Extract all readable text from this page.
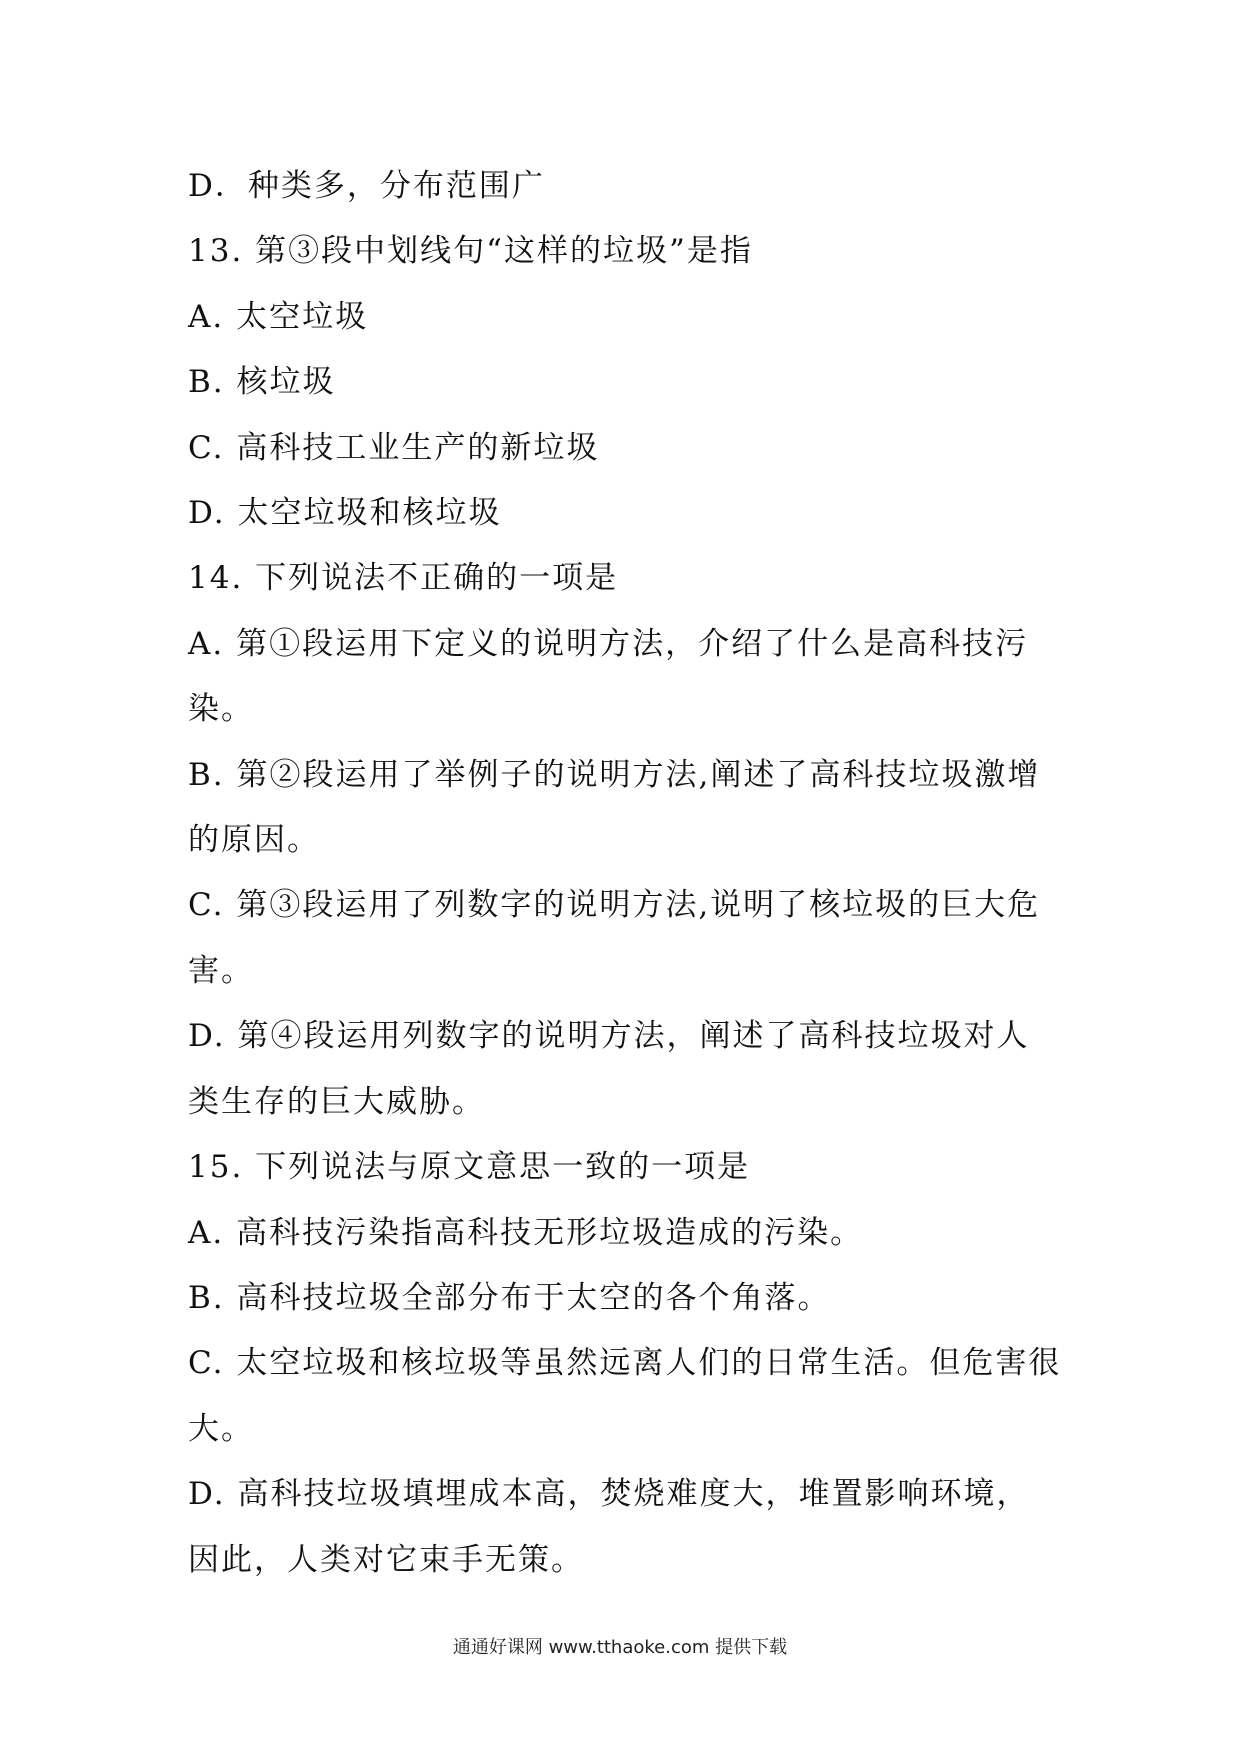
D．种类多，分布范围广
13. 第③段中划线句“这样的垃圾”是指
A. 太空垃圾
B. 核垃圾
C. 高科技工业生产的新垃圾
D. 太空垃圾和核垃圾
14. 下列说法不正确的一项是
A. 第①段运用下定义的说明方法，介绍了什么是高科技污
染。
B. 第②段运用了举例子的说明方法,阐述了高科技垃圾激增
的原因。
C. 第③段运用了列数字的说明方法,说明了核垃圾的巨大危
害。
D. 第④段运用列数字的说明方法，阐述了高科技垃圾对人
类生存的巨大威胁。
15. 下列说法与原文意思一致的一项是
A. 高科技污染指高科技无形垃圾造成的污染。
B. 高科技垃圾全部分布于太空的各个角落。
C. 太空垃圾和核垃圾等虽然远离人们的日常生活。但危害很
大。
D. 高科技垃圾填埋成本高，焚烧难度大，堆置影响环境，
因此，人类对它束手无策。
通通好课网 www.tthaoke.com 提供下载
